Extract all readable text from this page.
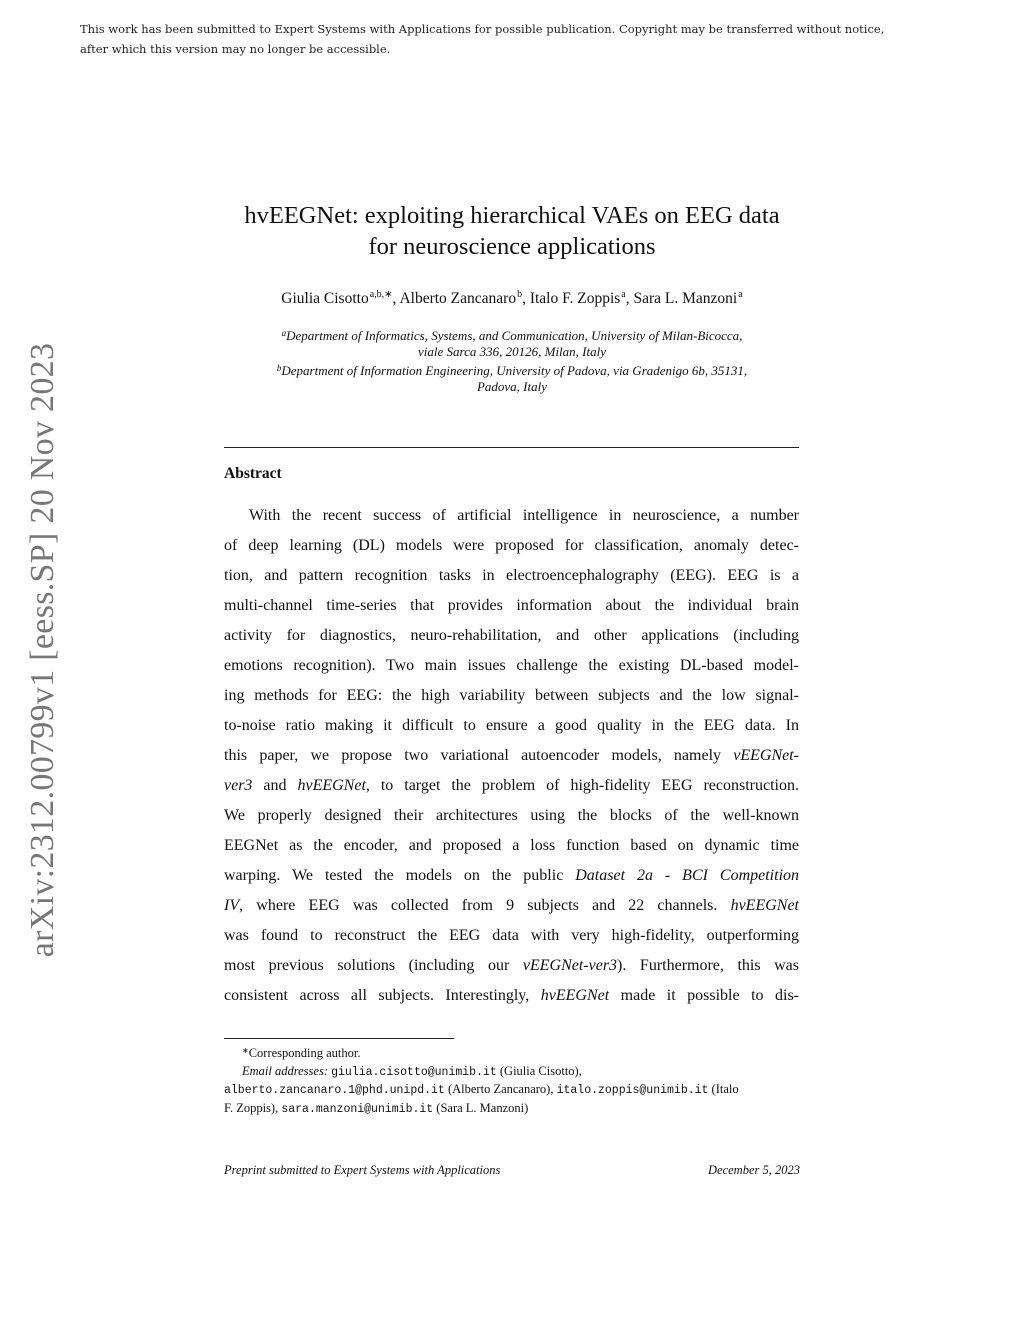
This work has been submitted to Expert Systems with Applications for possible publication. Copyright may be transferred without notice,
after which this version may no longer be accessible.
arXiv:2312.00799v1 [eess.SP] 20 Nov 2023
hvEEGNet: exploiting hierarchical VAEs on EEG data
for neuroscience applications
Giulia Cisotto$^{a,b,∗}$, Alberto Zancanaro$^b$, Italo F. Zoppis$^a$, Sara L. Manzoni$^a$
$^a$Department of Informatics, Systems, and Communication, University of Milan-Bicocca,
viale Sarca 336, 20126, Milan, Italy
$^b$Department of Information Engineering, University of Padova, via Gradenigo 6b, 35131,
Padova, Italy
Abstract
With the recent success of artificial intelligence in neuroscience, a number
of deep learning (DL) models were proposed for classification, anomaly detec-
tion, and pattern recognition tasks in electroencephalography (EEG). EEG is a
multi-channel time-series that provides information about the individual brain
activity for diagnostics, neuro-rehabilitation, and other applications (including
emotions recognition). Two main issues challenge the existing DL-based model-
ing methods for EEG: the high variability between subjects and the low signal-
to-noise ratio making it difficult to ensure a good quality in the EEG data. In
this paper, we propose two variational autoencoder models, namely vEEGNet-
ver3 and hvEEGNet, to target the problem of high-fidelity EEG reconstruction.
We properly designed their architectures using the blocks of the well-known
EEGNet as the encoder, and proposed a loss function based on dynamic time
warping. We tested the models on the public Dataset 2a - BCI Competition
IV, where EEG was collected from 9 subjects and 22 channels. hvEEGNet
was found to reconstruct the EEG data with very high-fidelity, outperforming
most previous solutions (including our vEEGNet-ver3). Furthermore, this was
consistent across all subjects. Interestingly, hvEEGNet made it possible to dis-
∗Corresponding author.
Email addresses: giulia.cisotto@unimib.it (Giulia Cisotto),
alberto.zancanaro.1@phd.unipd.it (Alberto Zancanaro), italo.zoppis@unimib.it (Italo
F. Zoppis), sara.manzoni@unimib.it (Sara L. Manzoni)
Preprint submitted to Expert Systems with Applications	December 5, 2023
